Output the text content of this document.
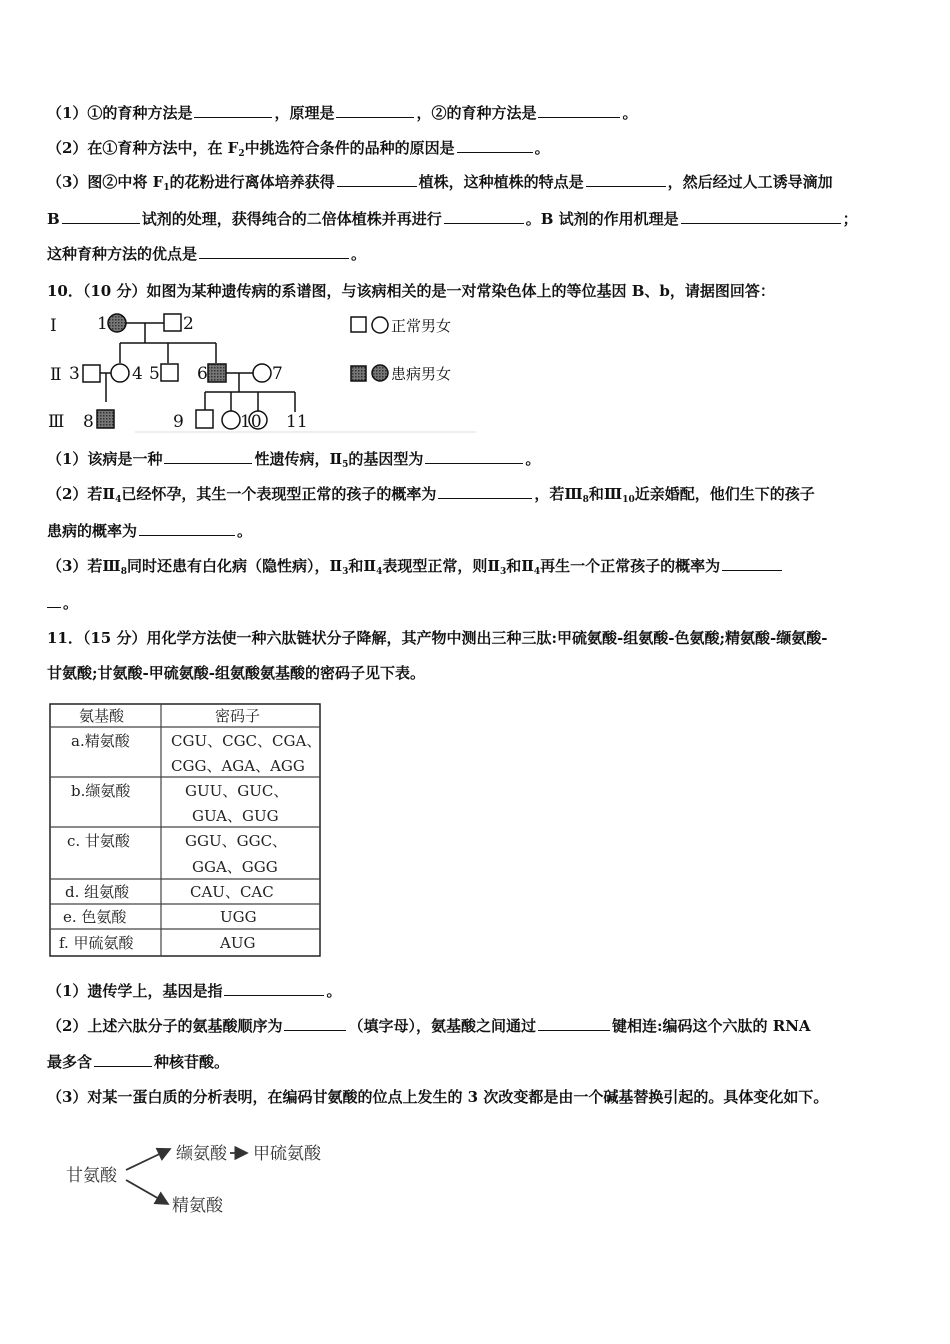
（1）①的育种方法是	，原理是	，②的育种方法是	。
（2）在①育种方法中，在 $F_2$中挑选符合条件的品种的原因是	。
（3）图②中将 $F_1$的花粉进行离体培养获得	植株，这种植株的特点是	，然后经过人工诱导滴加
B	试剂的处理，获得纯合的二倍体植株并再进行	。B 试剂的作用机理是	；
这种育种方法的优点是	。
10．（10 分）如图为某种遗传病的系谱图，与该病相关的是一对常染色体上的等位基因 B、b，请据图回答：
Ⅰ
Ⅱ
Ⅲ
1	2
3	4 5 6	7
8	9	10 11
正常男女
患病男女
（1）该病是一种	性遗传病，$Ⅱ_5$的基因型为	。
（2）若$Ⅱ_4$已经怀孕，其生一个表现型正常的孩子的概率为	，若$Ⅲ_8$和$Ⅲ_{10}$近亲婚配，他们生下的孩子
患病的概率为	。
（3）若$Ⅲ_8$同时还患有白化病（隐性病），$Ⅱ_3$和$Ⅱ_4$表现型正常，则$Ⅱ_3$和$Ⅱ_4$再生一个正常孩子的概率为
。
11．（15 分）用化学方法使一种六肽链状分子降解，其产物中测出三种三肽:甲硫氨酸-组氨酸-色氨酸;精氨酸-缬氨酸-
甘氨酸;甘氨酸-甲硫氨酸-组氨酸氨基酸的密码子见下表。
氨基酸	密码子
a.精氨酸	CGU、CGC、CGA、
CGG、AGA、AGG
b.缬氨酸	GUU、GUC、
GUA、GUG
c. 甘氨酸	GGU、GGC、
GGA、GGG
d. 组氨酸	CAU、CAC
e. 色氨酸	UGG
f. 甲硫氨酸	AUG
（1）遗传学上，基因是指	。
（2）上述六肽分子的氨基酸顺序为	（填字母），氨基酸之间通过	键相连:编码这个六肽的 RNA
最多含	种核苷酸。
（3）对某一蛋白质的分析表明，在编码甘氨酸的位点上发生的 3 次改变都是由一个碱基替换引起的。具体变化如下。
甘氨酸
缬氨酸 甲硫氨酸
精氨酸
